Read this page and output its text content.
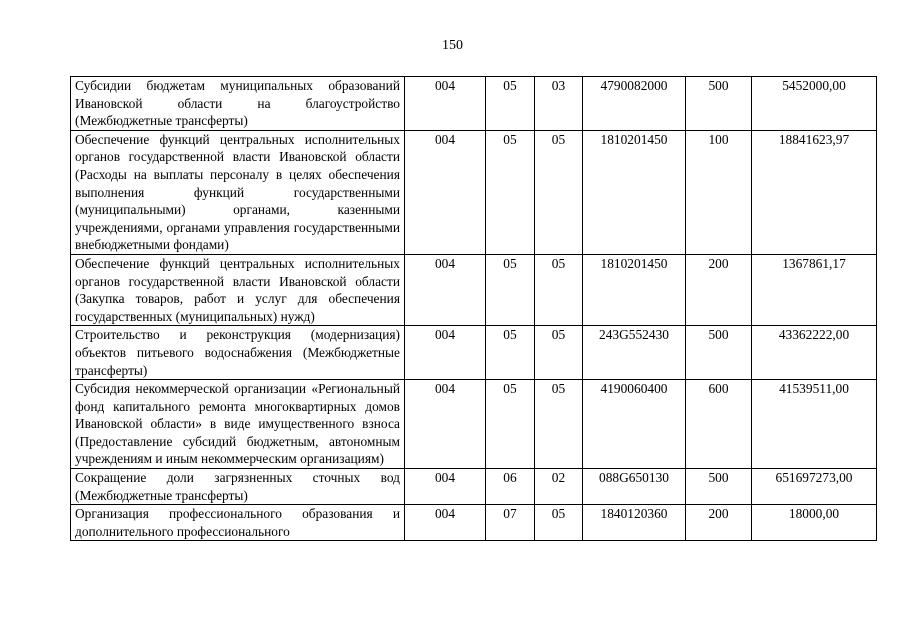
150
Субсидии бюджетам муниципальных образований Ивановской области на благоустройство (Межбюджетные трансферты)	004	05	03	4790082000	500	5452000,00
Обеспечение функций центральных исполнительных органов государственной власти Ивановской области (Расходы на выплаты персоналу в целях обеспечения выполнения функций государственными (муниципальными) органами, казенными учреждениями, органами управления государственными внебюджетными фондами)	004	05	05	1810201450	100	18841623,97
Обеспечение функций центральных исполнительных органов государственной власти Ивановской области (Закупка товаров, работ и услуг для обеспечения государственных (муниципальных) нужд)	004	05	05	1810201450	200	1367861,17
Строительство и реконструкция (модернизация) объектов питьевого водоснабжения (Межбюджетные трансферты)	004	05	05	243G552430	500	43362222,00
Субсидия некоммерческой организации «Региональный фонд капитального ремонта многоквартирных домов Ивановской области» в виде имущественного взноса (Предоставление субсидий бюджетным, автономным учреждениям и иным некоммерческим организациям)	004	05	05	4190060400	600	41539511,00
Сокращение доли загрязненных сточных вод (Межбюджетные трансферты)	004	06	02	088G650130	500	651697273,00
Организация профессионального образования и дополнительного профессионального	004	07	05	1840120360	200	18000,00
